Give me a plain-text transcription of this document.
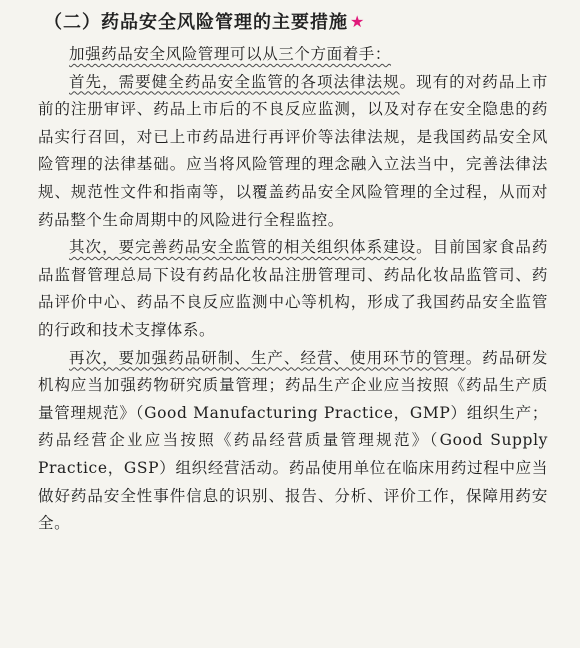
（二）药品安全风险管理的主要措施 ★

加强药品安全风险管理可以从三个方面着手：

首先，需要健全药品安全监管的各项法律法规。现有的对药品上市前的注册审评、药品上市后的不良反应监测，以及对存在安全隐患的药品实行召回，对已上市药品进行再评价等法律法规，是我国药品安全风险管理的法律基础。应当将风险管理的理念融入立法当中，完善法律法规、规范性文件和指南等，以覆盖药品安全风险管理的全过程，从而对药品整个生命周期中的风险进行全程监控。

其次，要完善药品安全监管的相关组织体系建设。目前国家食品药品监督管理总局下设有药品化妆品注册管理司、药品化妆品监管司、药品评价中心、药品不良反应监测中心等机构，形成了我国药品安全监管的行政和技术支撑体系。

再次，要加强药品研制、生产、经营、使用环节的管理。药品研发机构应当加强药物研究质量管理；药品生产企业应当按照《药品生产质量管理规范》（Good Manufacturing Practice，GMP）组织生产；药品经营企业应当按照《药品经营质量管理规范》（Good Supply Practice，GSP）组织经营活动。药品使用单位在临床用药过程中应当做好药品安全性事件信息的识别、报告、分析、评价工作，保障用药安全。
